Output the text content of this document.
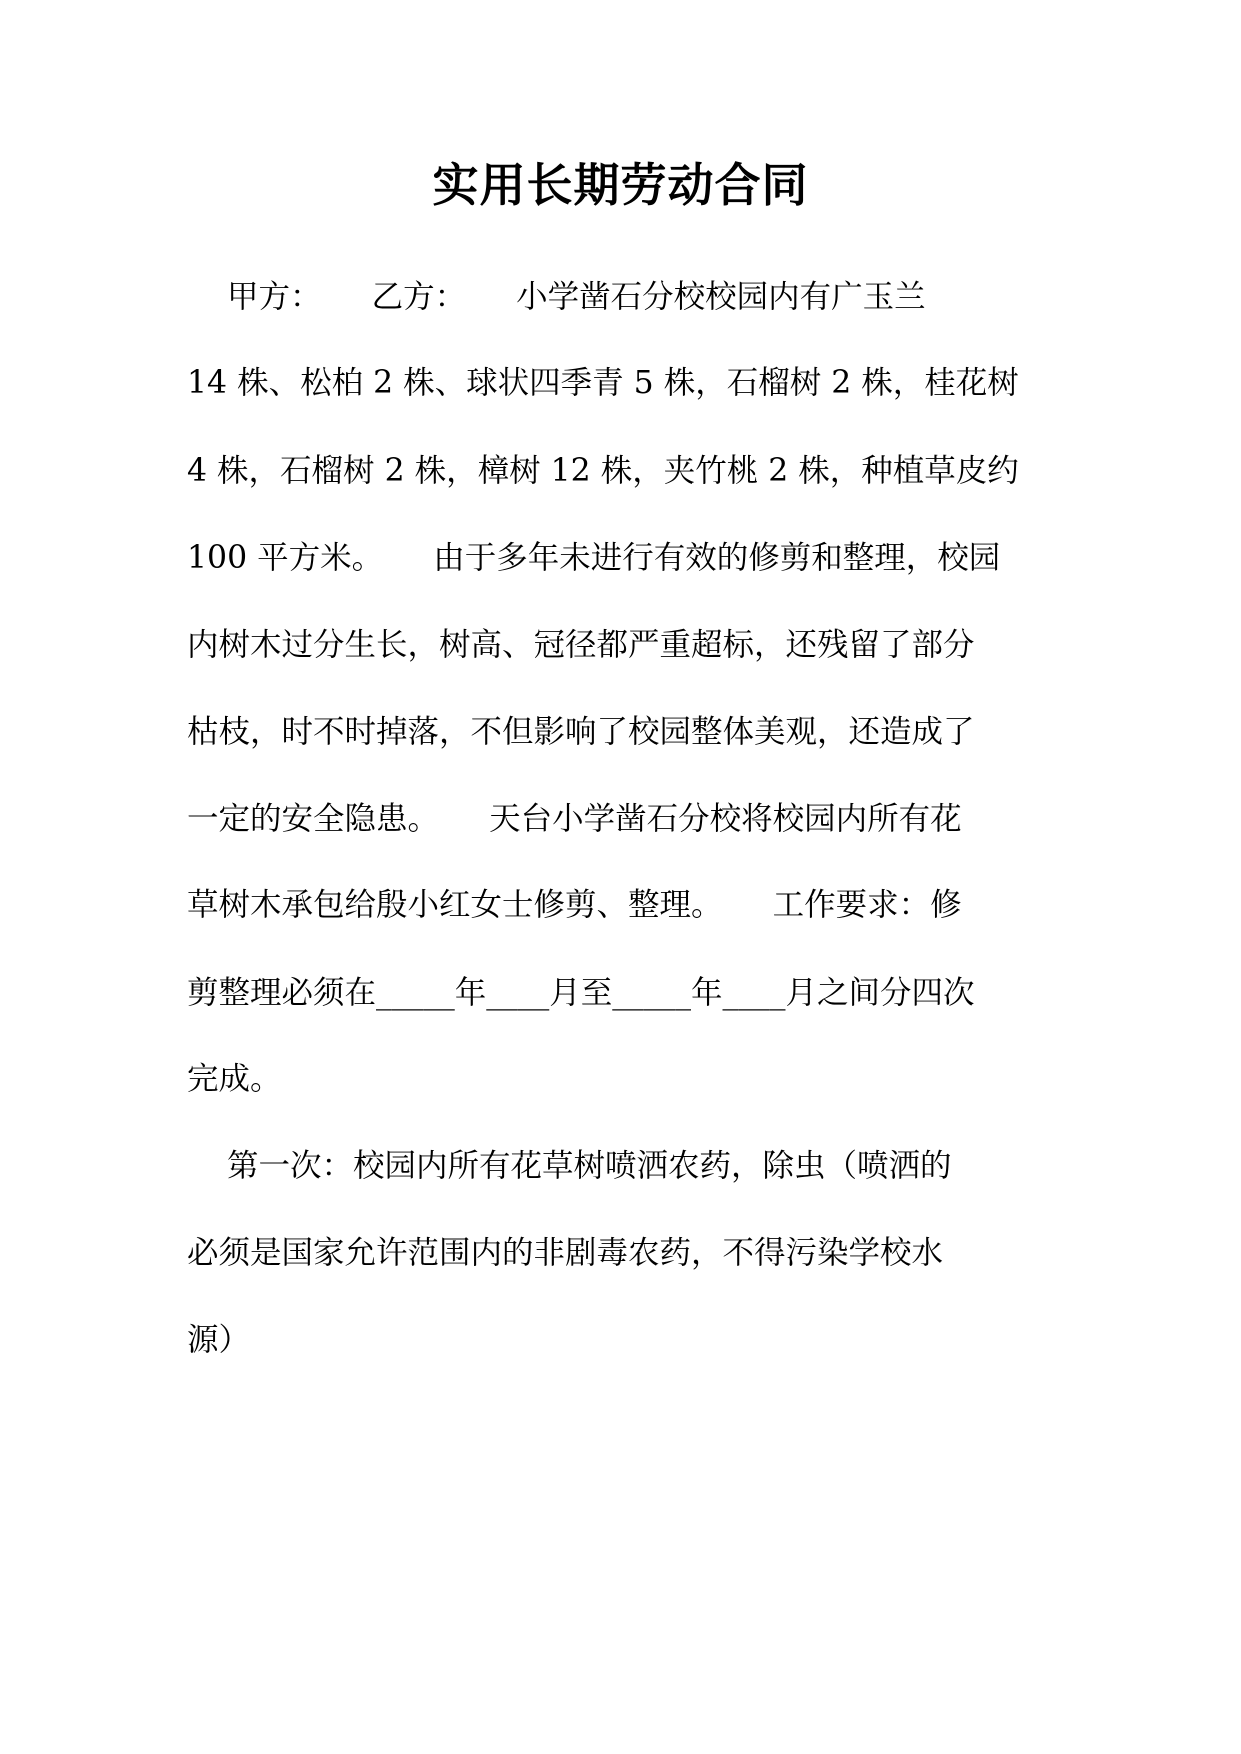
实用长期劳动合同
甲方：     乙方：     小学凿石分校校园内有广玉兰
14 株、松柏 2 株、球状四季青 5 株，石榴树 2 株，桂花树
4 株，石榴树 2 株，樟树 12 株，夹竹桃 2 株，种植草皮约
100 平方米。     由于多年未进行有效的修剪和整理，校园
内树木过分生长，树高、冠径都严重超标，还残留了部分
枯枝，时不时掉落，不但影响了校园整体美观，还造成了
一定的安全隐患。     天台小学凿石分校将校园内所有花
草树木承包给殷小红女士修剪、整理。     工作要求：修
剪整理必须在_____年____月至_____年____月之间分四次
完成。
第一次：校园内所有花草树喷洒农药，除虫（喷洒的
必须是国家允许范围内的非剧毒农药，不得污染学校水
源）
